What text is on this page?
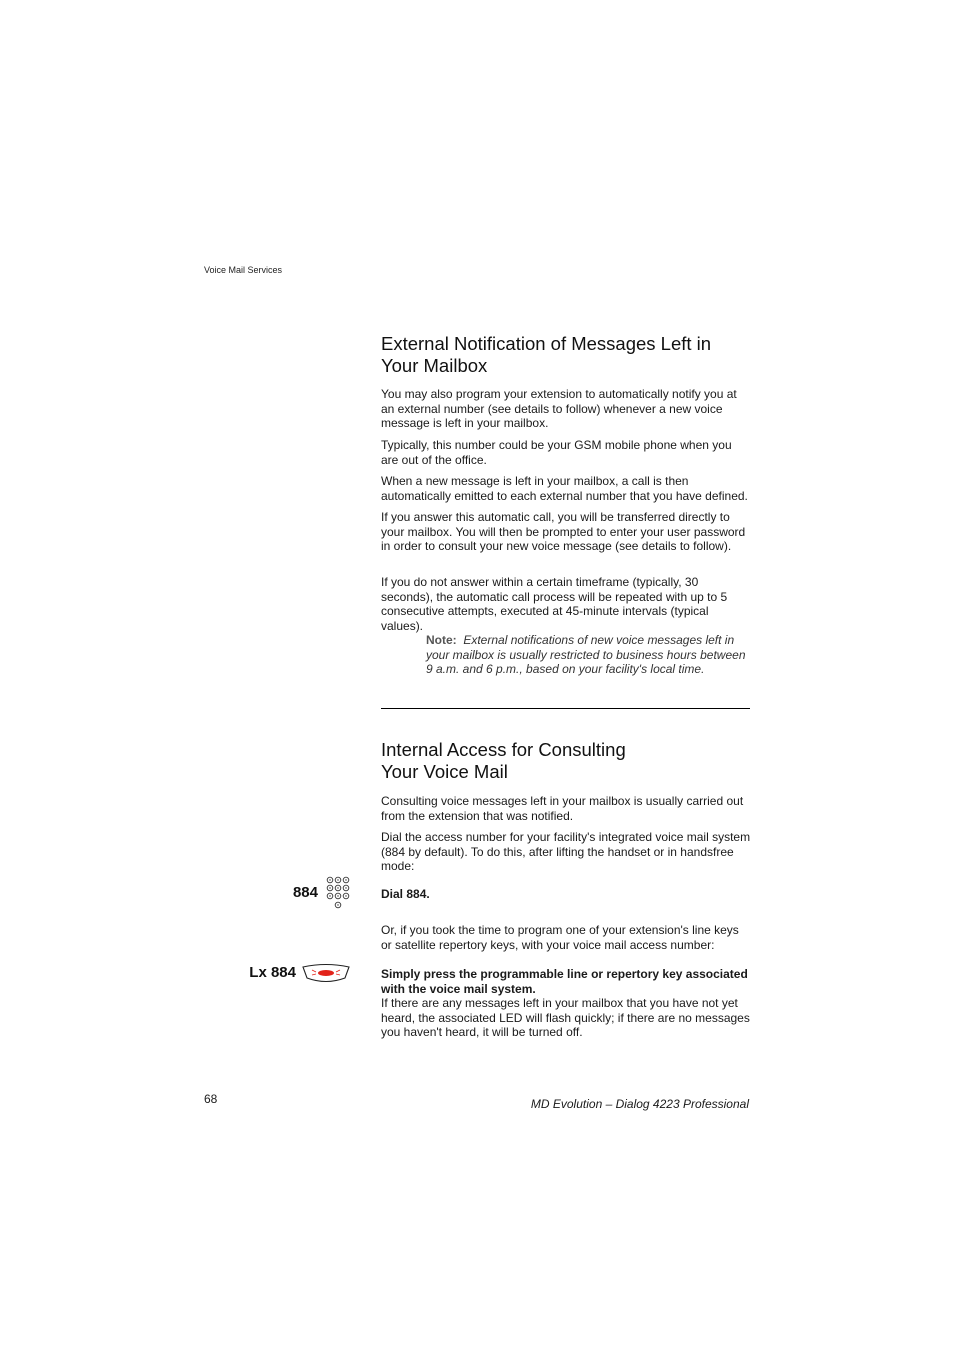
Voice Mail Services
External Notification of Messages Left in
Your Mailbox

You may also program your extension to automatically notify you at an external number (see details to follow) whenever a new voice message is left in your mailbox.

Typically, this number could be your GSM mobile phone when you are out of the office.

When a new message is left in your mailbox, a call is then automatically emitted to each external number that you have defined.

If you answer this automatic call, you will be transferred directly to your mailbox. You will then be prompted to enter your user password in order to consult your new voice message (see details to follow).

If you do not answer within a certain timeframe (typically, 30 seconds), the automatic call process will be repeated with up to 5 consecutive attempts, executed at 45-minute intervals (typical values).

Note: External notifications of new voice messages left in your mailbox is usually restricted to business hours between 9 a.m. and 6 p.m., based on your facility's local time.
Internal Access for Consulting
Your Voice Mail

Consulting voice messages left in your mailbox is usually carried out from the extension that was notified.

Dial the access number for your facility's integrated voice mail system (884 by default). To do this, after lifting the handset or in handsfree mode:

884	Dial 884.

Or, if you took the time to program one of your extension's line keys or satellite repertory keys, with your voice mail access number:

Lx 884	Simply press the programmable line or repertory key associated with the voice mail system.

If there are any messages left in your mailbox that you have not yet heard, the associated LED will flash quickly; if there are no messages you haven't heard, it will be turned off.

68	MD Evolution – Dialog 4223 Professional
